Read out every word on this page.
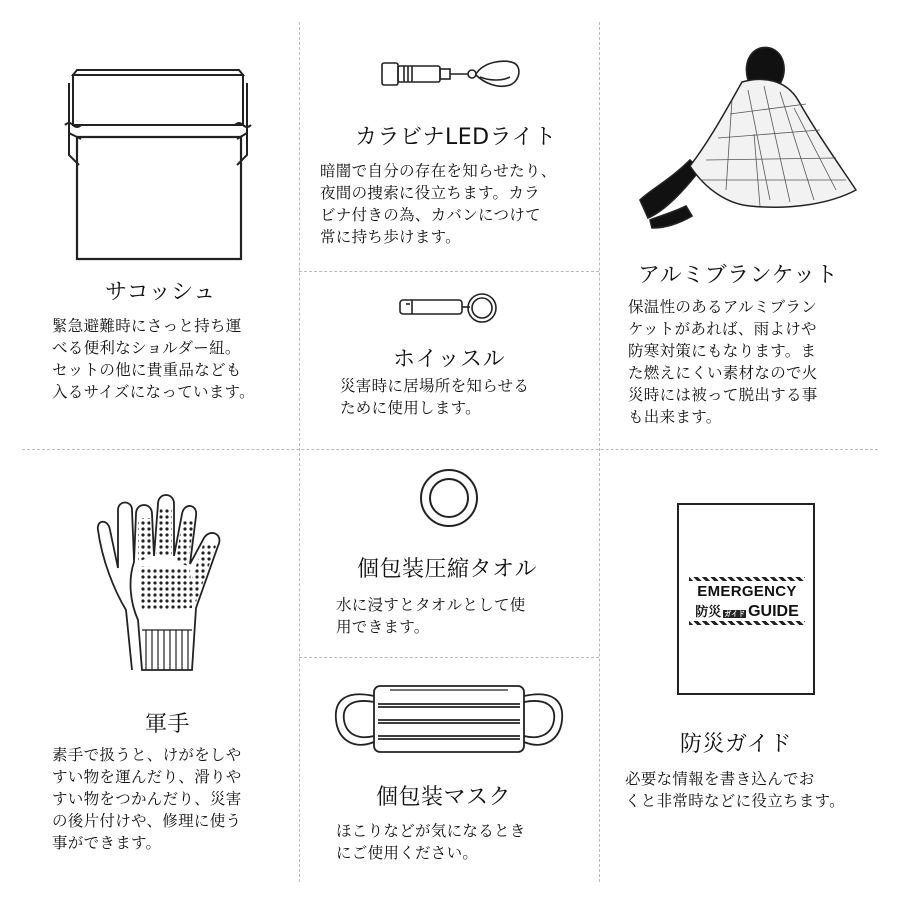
サコッシュ
緊急避難時にさっと持ち運
べる便利なショルダー紐。
セットの他に貴重品なども
入るサイズになっています。
カラビナLEDライト
暗闇で自分の存在を知らせたり、
夜間の捜索に役立ちます。カラ
ビナ付きの為、カバンにつけて
常に持ち歩けます。
アルミブランケット
保温性のあるアルミブラン
ケットがあれば、雨よけや
防寒対策にもなります。ま
た燃えにくい素材なので火
災時には被って脱出する事
も出来ます。
ホイッスル
災害時に居場所を知らせる
ために使用します。
軍手
素手で扱うと、けがをしや
すい物を運んだり、滑りや
すい物をつかんだり、災害
の後片付けや、修理に使う
事ができます。
個包装圧縮タオル
水に浸すとタオルとして使
用できます。
EMERGENCY
防災 ガイド GUIDE
防災ガイド
必要な情報を書き込んでお
くと非常時などに役立ちます。
個包装マスク
ほこりなどが気になるとき
にご使用ください。
